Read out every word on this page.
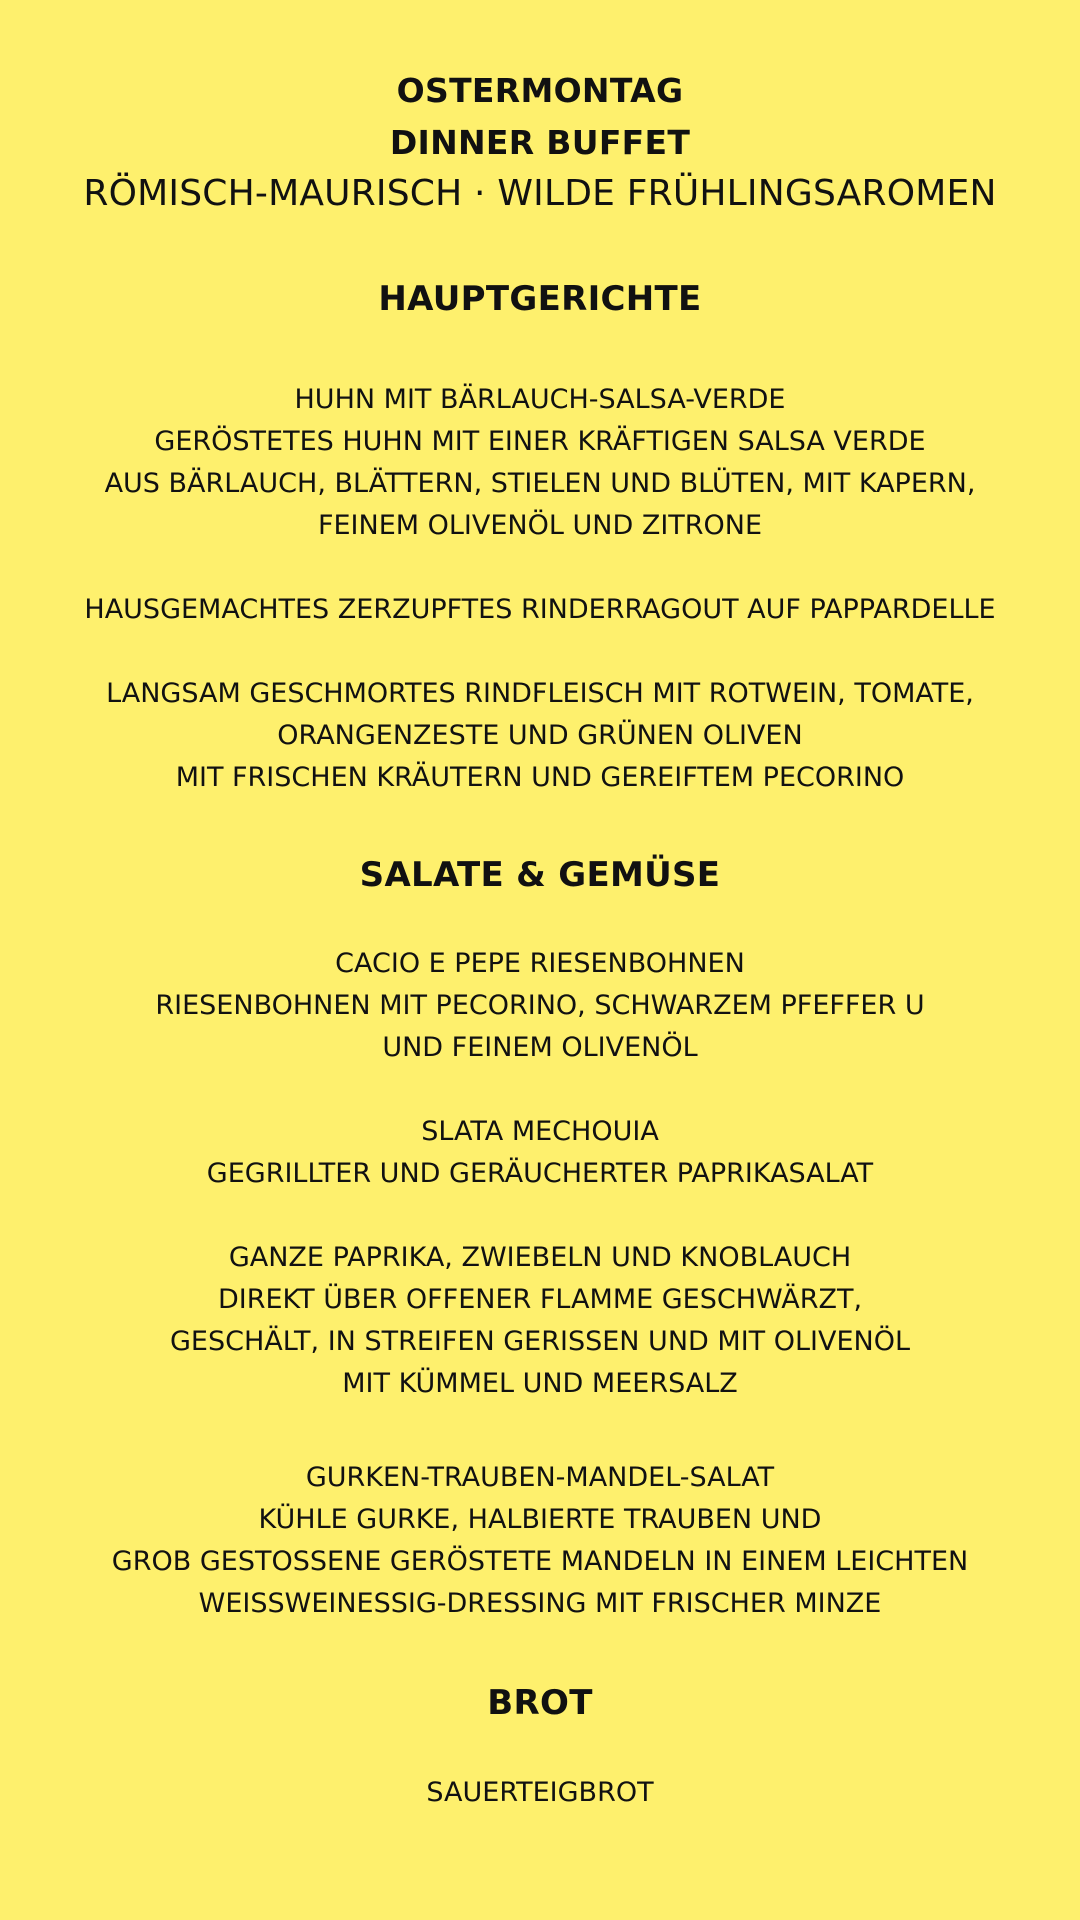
OSTERMONTAG
DINNER BUFFET

RÖMISCH-MAURISCH · WILDE FRÜHLINGSAROMEN

HAUPTGERICHTE

HUHN MIT BÄRLAUCH-SALSA-VERDE

GERÖSTETES HUHN MIT EINER KRÄFTIGEN SALSA VERDE

AUS BÄRLAUCH, BLÄTTERN, STIELEN UND BLÜTEN, MIT KAPERN,

FEINEM OLIVENÖL UND ZITRONE

HAUSGEMACHTES ZERZUPFTES RINDERRAGOUT AUF PAPPARDELLE

LANGSAM GESCHMORTES RINDFLEISCH MIT ROTWEIN, TOMATE,

ORANGENZESTE UND GRÜNEN OLIVEN

MIT FRISCHEN KRÄUTERN UND GEREIFTEM PECORINO

SALATE & GEMÜSE

CACIO E PEPE RIESENBOHNEN

RIESENBOHNEN MIT PECORINO, SCHWARZEM PFEFFER U

UND FEINEM OLIVENÖL

SLATA MECHOUIA

GEGRILLTER UND GERÄUCHERTER PAPRIKASALAT

GANZE PAPRIKA, ZWIEBELN UND KNOBLAUCH

DIREKT ÜBER OFFENER FLAMME GESCHWÄRZT,

GESCHÄLT, IN STREIFEN GERISSEN UND MIT OLIVENÖL

MIT KÜMMEL UND MEERSALZ

GURKEN-TRAUBEN-MANDEL-SALAT

KÜHLE GURKE, HALBIERTE TRAUBEN UND

GROB GESTOSSENE GERÖSTETE MANDELN IN EINEM LEICHTEN

WEISSWEINESSIG-DRESSING MIT FRISCHER MINZE

BROT

SAUERTEIGBROT
